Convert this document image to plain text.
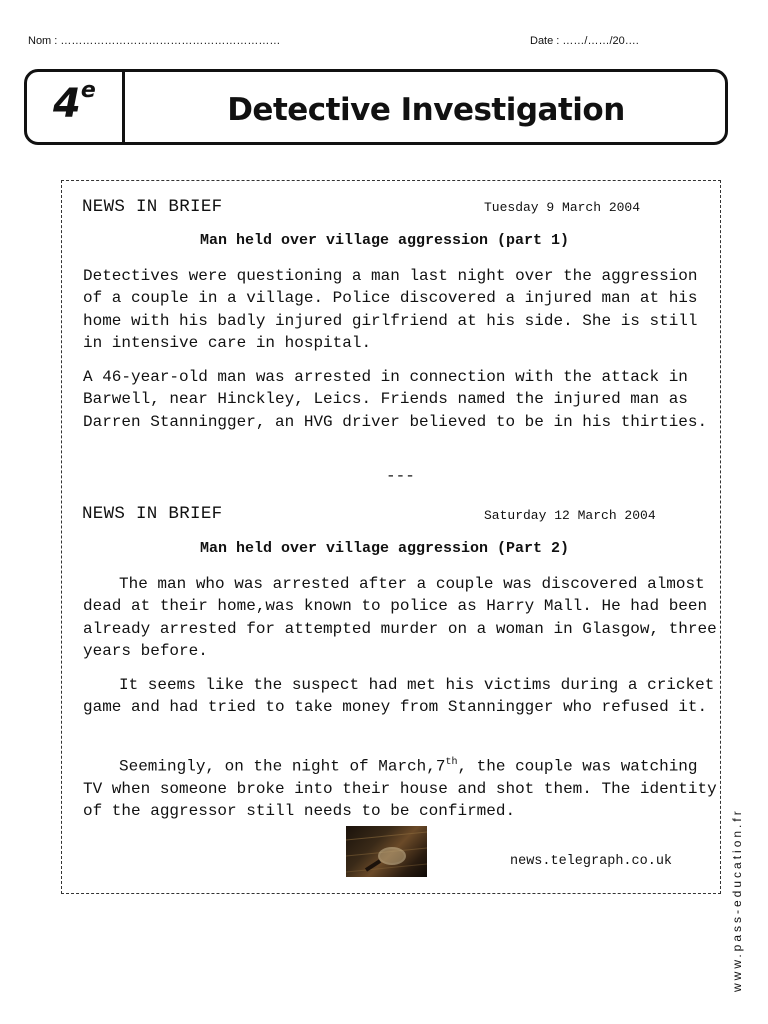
Nom : ……………………………………………………	Date : ……/……/20….
4e
Detective Investigation
NEWS IN BRIEF	Tuesday 9 March 2004
Man held over village aggression (part 1)

Detectives were questioning a man last night over the aggression of a couple in a village. Police discovered a injured man at his home with his badly injured girlfriend at his side. She is still in intensive care in hospital.

A 46-year-old man was arrested in connection with the attack in Barwell, near Hinckley, Leics. Friends named the injured man as Darren Stanningger, an HVG driver believed to be in his thirties.

---
NEWS IN BRIEF	Saturday 12 March 2004
Man held over village aggression (Part 2)

The man who was arrested after a couple was discovered almost dead at their home,was known to police as Harry Mall. He had been already arrested for attempted murder on a woman in Glasgow, three years before.

It seems like the suspect had met his victims during a cricket game and had tried to take money from Stanningger who refused it.

Seemingly, on the night of March,7th, the couple was watching TV when someone broke into their house and shot them. The identity of the aggressor still needs to be confirmed.

news.telegraph.co.uk	www.pass-education.fr
